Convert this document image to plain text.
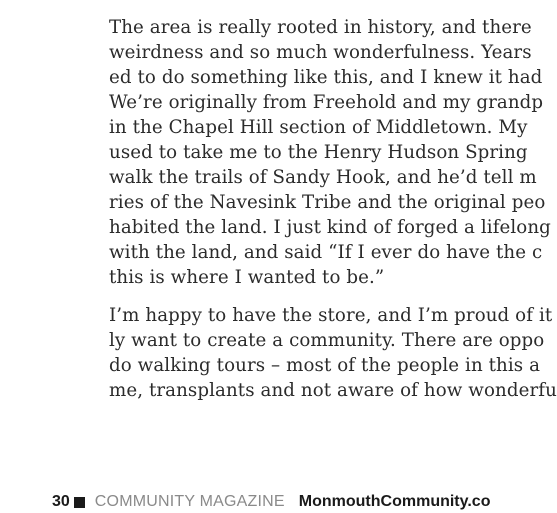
The area is really rooted in history, and there
weirdness and so much wonderfulness. Years
ed to do something like this, and I knew it had
We’re originally from Freehold and my grandp
in the Chapel Hill section of Middletown. My
used to take me to the Henry Hudson Spring
walk the trails of Sandy Hook, and he’d tell m
ries of the Navesink Tribe and the original peo
habited the land. I just kind of forged a lifelong
with the land, and said “If I ever do have the c
this is where I wanted to be.”
I’m happy to have the store, and I’m proud of it
ly want to create a community. There are oppo
do walking tours – most of the people in this a
me, transplants and not aware of how wonderfu
30 COMMUNITY MAGAZINE MonmouthCommunity.co
